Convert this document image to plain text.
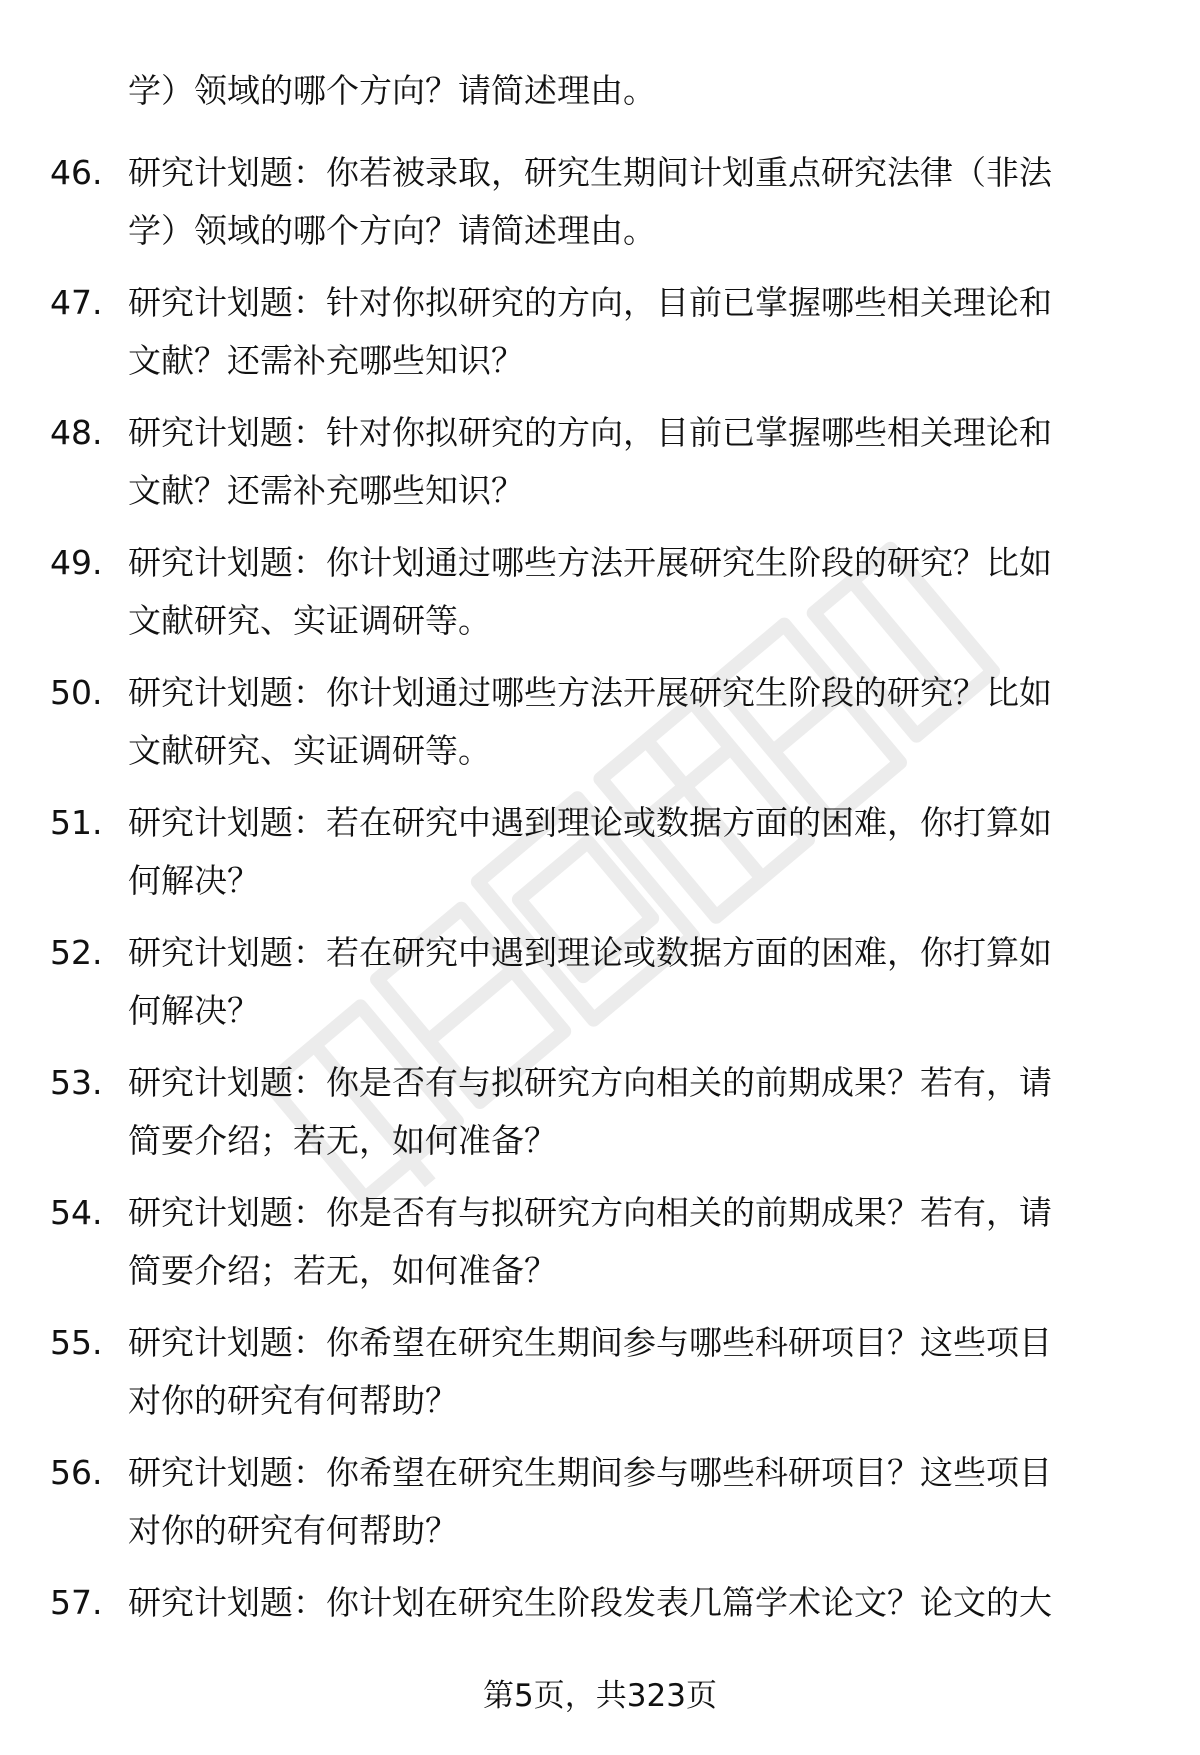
学）领域的哪个方向？请简述理由。
46. 研究计划题：你若被录取，研究生期间计划重点研究法律（非法
学）领域的哪个方向？请简述理由。
47. 研究计划题：针对你拟研究的方向，目前已掌握哪些相关理论和
文献？还需补充哪些知识？
48. 研究计划题：针对你拟研究的方向，目前已掌握哪些相关理论和
文献？还需补充哪些知识？
49. 研究计划题：你计划通过哪些方法开展研究生阶段的研究？比如
文献研究、实证调研等。
50. 研究计划题：你计划通过哪些方法开展研究生阶段的研究？比如
文献研究、实证调研等。
51. 研究计划题：若在研究中遇到理论或数据方面的困难，你打算如
何解决？
52. 研究计划题：若在研究中遇到理论或数据方面的困难，你打算如
何解决？
53. 研究计划题：你是否有与拟研究方向相关的前期成果？若有，请
简要介绍；若无，如何准备？
54. 研究计划题：你是否有与拟研究方向相关的前期成果？若有，请
简要介绍；若无，如何准备？
55. 研究计划题：你希望在研究生期间参与哪些科研项目？这些项目
对你的研究有何帮助？
56. 研究计划题：你希望在研究生期间参与哪些科研项目？这些项目
对你的研究有何帮助？
57. 研究计划题：你计划在研究生阶段发表几篇学术论文？论文的大
第5页，共323页
